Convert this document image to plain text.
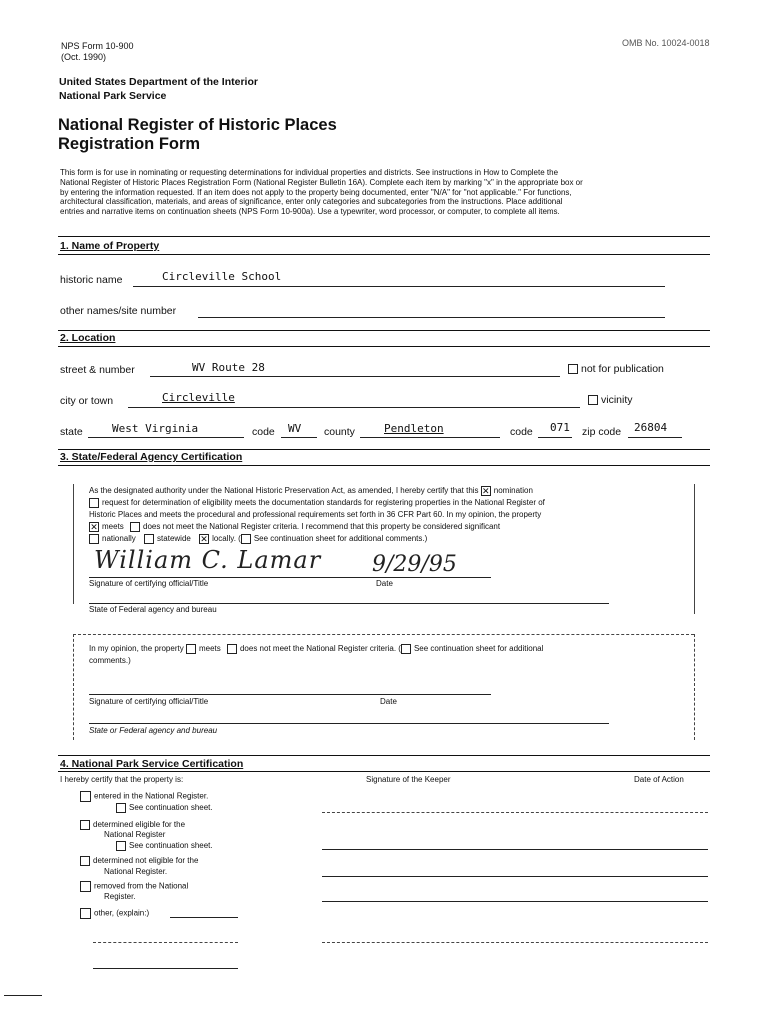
NPS Form 10-900
(Oct. 1990)
OMB No. 10024-0018
United States Department of the Interior
National Park Service
National Register of Historic Places
Registration Form
This form is for use in nominating or requesting determinations for individual properties and districts. See instructions in How to Complete the
National Register of Historic Places Registration Form (National Register Bulletin 16A). Complete each item by marking "x" in the appropriate box or
by entering the information requested. If an item does not apply to the property being documented, enter "N/A" for "not applicable." For functions,
architectural classification, materials, and areas of significance, enter only categories and subcategories from the instructions. Place additional
entries and narrative items on continuation sheets (NPS Form 10-900a). Use a typewriter, word processor, or computer, to complete all items.
1. Name of Property
historic name	Circleville School
other names/site number
2. Location
street & number	WV Route 28	not for publication
city or town	Circleville	vicinity
state	West Virginia	code WV county	Pendleton	code 071 zip code 26804
3. State/Federal Agency Certification
As the designated authority under the National Historic Preservation Act, as amended, I hereby certify that this ✕ nomination
request for determination of eligibility meets the documentation standards for registering properties in the National Register of
Historic Places and meets the procedural and professional requirements set forth in 36 CFR Part 60. In my opinion, the property
✕ meets does not meet the National Register criteria. I recommend that this property be considered significant
nationally	statewide ✕ locally. ( See continuation sheet for additional comments.)
William C. Lamar 9/29/95
Signature of certifying official/Title	Date
State of Federal agency and bureau
In my opinion, the property meets does not meet the National Register criteria. ( See continuation sheet for additional
comments.)
Signature of certifying official/Title	Date
State or Federal agency and bureau
4. National Park Service Certification
I hereby certify that the property is:	Signature of the Keeper	Date of Action
entered in the National Register.
See continuation sheet.
determined eligible for the
National Register
See continuation sheet.
determined not eligible for the
National Register.
removed from the National
Register.
other, (explain:)
